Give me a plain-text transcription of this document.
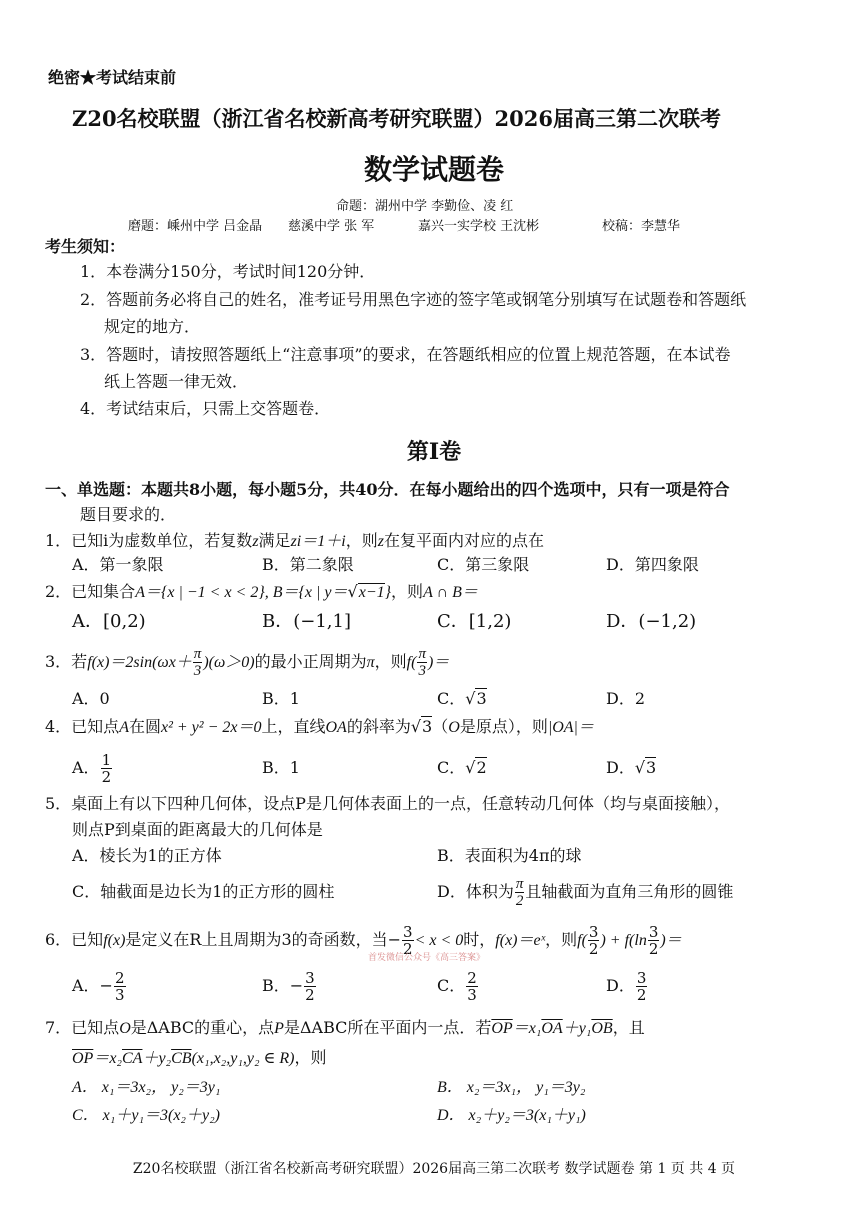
绝密★考试结束前
Z20名校联盟（浙江省名校新高考研究联盟）2026届高三第二次联考
数学试题卷
命题：湖州中学 李勤俭、凌 红
磨题：嵊州中学 吕金晶 慈溪中学 张 军	嘉兴一实学校 王沈彬	校稿：李慧华
考生须知：
1．本卷满分150分，考试时间120分钟．
2．答题前务必将自己的姓名，准考证号用黑色字迹的签字笔或钢笔分别填写在试题卷和答题纸
规定的地方．
3．答题时，请按照答题纸上“注意事项”的要求，在答题纸相应的位置上规范答题，在本试卷
纸上答题一律无效．
4．考试结束后，只需上交答题卷．
第Ⅰ卷
一、单选题：本题共8小题，每小题5分，共40分．在每小题给出的四个选项中，只有一项是符合
题目要求的．
1．已知i为虚数单位，若复数z满足zi＝1＋i，则z在复平面内对应的点在
A．第一象限	B．第二象限	C．第三象限	D．第四象限
2．已知集合A＝{x | −1 < x < 2}, B＝{x | y＝√x−1}，则A ∩ B＝
A．[0,2)	B．(−1,1]	C．[1,2)	D．(−1,2)
3．若$f(x)=2\sin(\omega x+ \frac{\pi}{3} )(\omega>0)$的最小正周期为π，则$f( \frac{\pi}{3}$ )＝
A．0	B．1	C．√3	D．2
4．已知点A在圆x² + y² − 2x＝0上，直线OA的斜率为√3（O是原点），则|OA|＝
A． $\frac{1}{2}$	B．1	C．√2	D．√3
5．桌面上有以下四种几何体，设点P是几何体表面上的一点，任意转动几何体（均与桌面接触），
则点P到桌面的距离最大的几何体是
A．棱长为1的正方体	B．表面积为4π的球
C．轴截面是边长为1的正方形的圆柱	D．体积为 $\frac{\pi}{2}$ 且轴截面为直角三角形的圆锥
6．已知f(x)是定义在R上且周期为3的奇函数，当− $\frac{3}{2} < x < 0$时，f(x)＝eˣ，则$f( \frac{3}{2}$ ) + $f(\ln \frac{3}{2}$ )＝
首发微信公众号《高三答案》
A．− $\frac{2}{3}$	B．− $\frac{3}{2}$	C． $\frac{2}{3}$	D． $\frac{3}{2}$
7．已知点O是ΔABC的重心，点P是ΔABC所在平面内一点．若$\overline{OP}=x_1\overline{OA}+y_1\overline{OB}$，且
$\overline{OP}=x_2\overline{CA}+y_2\overline{CB}(x_1,x_2,y_1,y_2$ ∈ R)，则
A． x₁＝3x₂， y₂＝3y₁	B． x₂＝3x₁， y₁＝3y₂
C． x₁＋y₁＝3(x₂＋y₂)	D． x₂＋y₂＝3(x₁＋y₁)
Z20名校联盟（浙江省名校新高考研究联盟）2026届高三第二次联考 数学试题卷 第 1 页 共 4 页
